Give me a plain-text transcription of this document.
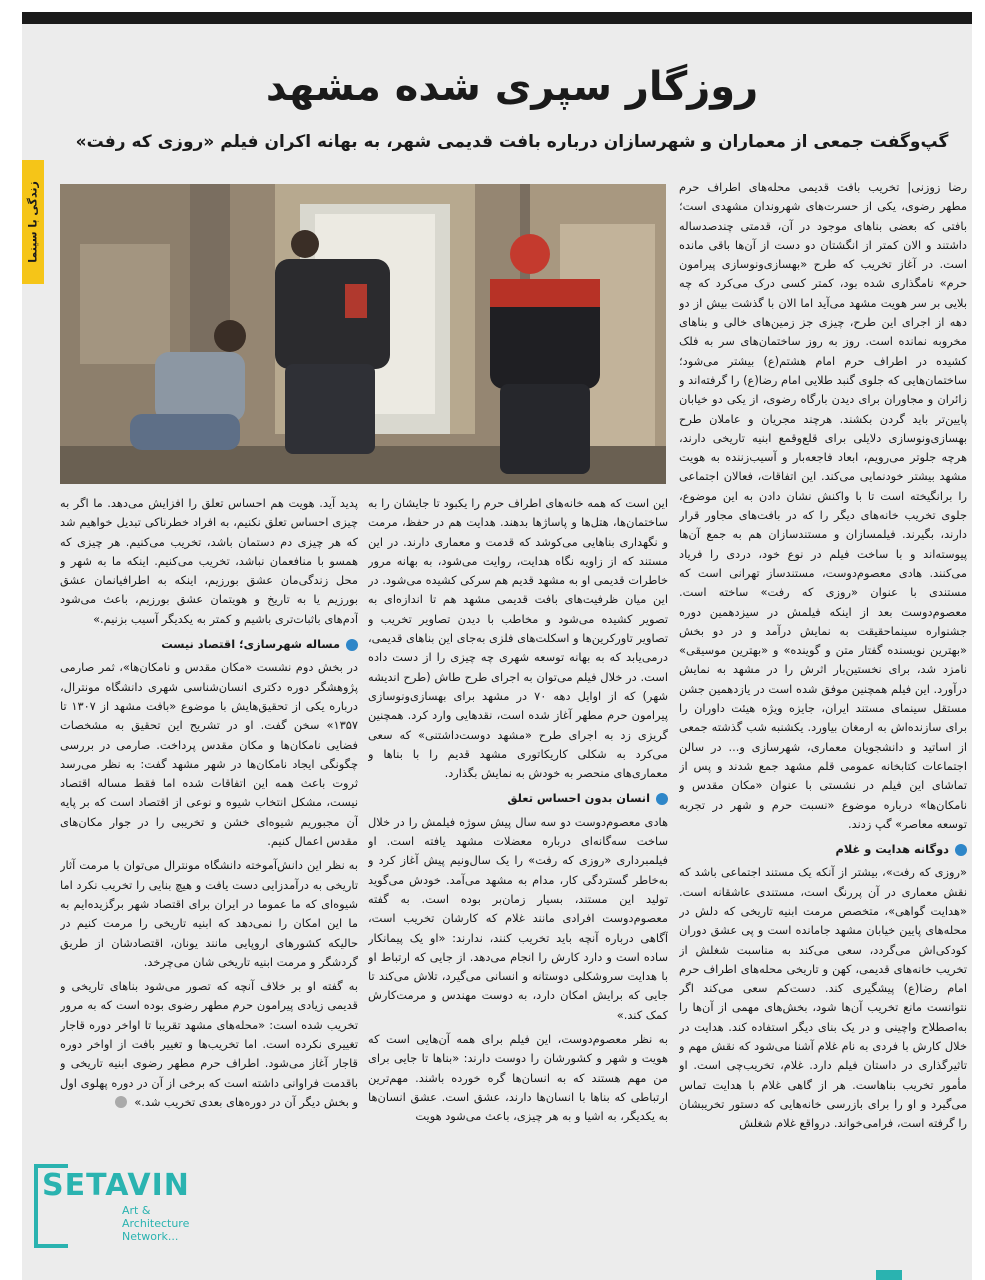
زندگی با سینما
روزگار سپری شده مشهد
گپ‌وگفت جمعی از معماران و شهرسازان درباره بافت قدیمی شهر، به بهانه اکران فیلم «روزی که رفت»

رضا زوزنی| تخریب بافت قدیمی محله‌های اطراف حرم مطهر رضوی، یکی از حسرت‌های شهروندان مشهدی است؛ بافتی که بعضی بناهای موجود در آن، قدمتی چندصدساله داشتند و الان کمتر از انگشتان دو دست از آن‌ها باقی مانده است. در آغاز تخریب که طرح «بهسازی‌ونوسازی پیرامون حرم» نامگذاری شده بود، کمتر کسی درک می‌کرد که چه بلایی بر سر هویت مشهد می‌آید اما الان با گذشت بیش از دو دهه از اجرای این طرح، چیزی جز زمین‌های خالی و بناهای مخروبه نمانده است. روز به روز ساختمان‌های سر به فلک کشیده در اطراف حرم امام هشتم(ع) بیشتر می‌شود؛ ساختمان‌هایی که جلوی گنبد طلایی امام رضا(ع) را گرفته‌اند و زائران و مجاوران برای دیدن بارگاه رضوی، از یکی دو خیابان پایین‌تر باید گردن بکشند. هرچند مجریان و عاملان طرح بهسازی‌ونوسازی دلایلی برای قلع‌وقمع ابنیه تاریخی دارند، هرچه جلوتر می‌رویم، ابعاد فاجعه‌بار و آسیب‌زننده به هویت مشهد بیشتر خودنمایی می‌کند. این اتفاقات، فعالان اجتماعی را برانگیخته است تا با واکنش نشان دادن به این موضوع، جلوی تخریب خانه‌های دیگر را که در بافت‌های مجاور قرار دارند، بگیرند. فیلمسازان و مستندسازان هم به جمع آن‌ها پیوسته‌اند و با ساخت فیلم در نوع خود، دردی را فریاد می‌کنند. هادی معصوم‌دوست، مستندساز تهرانی است که مستندی با عنوان «روزی که رفت» ساخته است. معصوم‌دوست بعد از اینکه فیلمش در سیزدهمین دوره جشنواره سینماحقیقت به نمایش درآمد و در دو بخش «بهترین نویسنده گفتار متن و گوینده» و «بهترین موسیقی» نامزد شد، برای نخستین‌بار اثرش را در مشهد به نمایش درآورد. این فیلم همچنین موفق شده است در یازدهمین جشن مستقل سینمای مستند ایران، جایزه ویژه هیئت داوران را برای سازنده‌اش به ارمغان بیاورد. یکشنبه شب گذشته جمعی از اساتید و دانشجویان معماری، شهرسازی و... در سالن اجتماعات کتابخانه عمومی قلم مشهد جمع شدند و پس از تماشای این فیلم در نشستی با عنوان «مکان مقدس و نامکان‌ها» درباره موضوع «نسبت حرم و شهر در تجربه توسعه معاصر» گپ زدند.

دوگانه هدایت و غلام

«روزی که رفت»، بیشتر از آنکه یک مستند اجتماعی باشد که نقش معماری در آن پررنگ است، مستندی عاشقانه است. «هدایت گواهی»، متخصص مرمت ابنیه تاریخی که دلش در محله‌های پایین خیابان مشهد جامانده است و پی عشق دوران کودکی‌اش می‌گردد، سعی می‌کند به مناسبت شغلش از تخریب خانه‌های قدیمی، کهن و تاریخی محله‌های اطراف حرم امام رضا(ع) پیشگیری کند. دست‌کم سعی می‌کند اگر نتوانست مانع تخریب آن‌ها شود، بخش‌های مهمی از آن‌ها را به‌اصطلاح واچینی و در یک بنای دیگر استفاده کند. هدایت در خلال کارش با فردی به نام غلام آشنا می‌شود که نقش مهم و تاثیرگذاری در داستان فیلم دارد. غلام، تخریب‌چی است. او مأمور تخریب بناهاست. هر از گاهی غلام با هدایت تماس می‌گیرد و او را برای بازرسی خانه‌هایی که دستور تخریبشان را گرفته است، فرامی‌خواند. درواقع غلام شغلش

این است که همه خانه‌های اطراف حرم را یکبود تا جایشان را به ساختمان‌ها، هتل‌ها و پاساژها بدهند. هدایت هم در حفظ، مرمت و نگهداری بناهایی می‌کوشد که قدمت و معماری دارند. در این مستند که از زاویه نگاه هدایت، روایت می‌شود، به بهانه مرور خاطرات قدیمی او به مشهد قدیم هم سرکی کشیده می‌شود. در این میان ظرفیت‌های بافت قدیمی مشهد هم تا اندازه‌ای به تصویر کشیده می‌شود و مخاطب با دیدن تصاویر تخریب و تصاویر تاورکرین‌ها و اسکلت‌های فلزی به‌جای این بناهای قدیمی، درمی‌یابد که به بهانه توسعه شهری چه چیزی را از دست داده است. در خلال فیلم می‌توان به اجرای طرح طاش (طرح اندیشه شهر) که از اوایل دهه ۷۰ در مشهد برای بهسازی‌ونوسازی پیرامون حرم مطهر آغاز شده است، نقدهایی وارد کرد. همچنین گریزی زد به اجرای طرح «مشهد دوست‌داشتنی» که سعی می‌کرد به شکلی کاریکاتوری مشهد قدیم را با بناها و معماری‌های منحصر به خودش به نمایش بگذارد.

انسان بدون احساس تعلق

هادی معصوم‌دوست دو سه سال پیش سوژه فیلمش را در خلال ساخت سه‌گانه‌ای درباره معضلات مشهد یافته است. او فیلمبرداری «روزی که رفت» را یک سال‌ونیم پیش آغاز کرد و به‌خاطر گستردگی کار، مدام به مشهد می‌آمد. خودش می‌گوید تولید این مستند، بسیار زمان‌بر بوده است. به گفته معصوم‌دوست افرادی مانند غلام که کارشان تخریب است، آگاهی درباره آنچه باید تخریب کنند، ندارند: «او یک پیمانکار ساده است و دارد کارش را انجام می‌دهد. از جایی که ارتباط او با هدایت سروشکلی دوستانه و انسانی می‌گیرد، تلاش می‌کند تا جایی که برایش امکان دارد، به دوست مهندس و مرمت‌کارش کمک کند.»

به نظر معصوم‌دوست، این فیلم برای همه آن‌هایی است که هویت و شهر و کشورشان را دوست دارند: «بناها تا جایی برای من مهم هستند که به انسان‌ها گره خورده باشند. مهم‌ترین ارتباطی که بناها با انسان‌ها دارند، عشق است. عشق انسان‌ها به یکدیگر، به اشیا و به هر چیزی، باعث می‌شود هویت

پدید آید. هویت هم احساس تعلق را افزایش می‌دهد. ما اگر به چیزی احساس تعلق نکنیم، به افراد خطرناکی تبدیل خواهیم شد که هر چیزی دم دستمان باشد، تخریب می‌کنیم. هر چیزی که همسو با منافعمان نباشد، تخریب می‌کنیم. اینکه ما به شهر و محل زندگی‌مان عشق بورزیم، اینکه به اطرافیانمان عشق بورزیم یا به تاریخ و هویتمان عشق بورزیم، باعث می‌شود آدم‌های باثبات‌تری باشیم و کمتر به یکدیگر آسیب بزنیم.»

مساله شهرسازی؛ اقتصاد نیست

در بخش دوم نشست «مکان مقدس و نامکان‌ها»، ثمر صارمی پژوهشگر دوره دکتری انسان‌شناسی شهری دانشگاه مونترال، درباره یکی از تحقیق‌هایش با موضوع «بافت مشهد از ۱۳۰۷ تا ۱۳۵۷» سخن گفت. او در تشریح این تحقیق به مشخصات فضایی نامکان‌ها و مکان مقدس پرداخت. صارمی در بررسی چگونگی ایجاد نامکان‌ها در شهر مشهد گفت: به نظر می‌رسد ثروت باعث همه این اتفاقات شده اما فقط مساله اقتصاد نیست، مشکل انتخاب شیوه و نوعی از اقتصاد است که بر پایه آن مجبوریم شیوه‌ای خشن و تخریبی را در جوار مکان‌های مقدس اعمال کنیم.

به نظر این دانش‌آموخته دانشگاه مونترال می‌توان با مرمت آثار تاریخی به درآمدزایی دست یافت و هیچ بنایی را تخریب نکرد اما شیوه‌ای که ما عموما در ایران برای اقتصاد شهر برگزیده‌ایم به ما این امکان را نمی‌دهد که ابنیه تاریخی را مرمت کنیم در حالیکه کشورهای اروپایی مانند یونان، اقتصادشان از طریق گردشگر و مرمت ابنیه تاریخی شان می‌چرخد.

به گفته او بر خلاف آنچه که تصور می‌شود بناهای تاریخی و قدیمی زیادی پیرامون حرم مطهر رضوی بوده است که به مرور تخریب شده است: «محله‌های مشهد تقریبا تا اواخر دوره قاجار تغییری نکرده است. اما تخریب‌ها و تغییر بافت از اواخر دوره قاجار آغاز می‌شود. اطراف حرم مطهر رضوی ابنیه تاریخی و باقدمت فراوانی داشته است که برخی از آن در دوره پهلوی اول و بخش دیگر آن در دوره‌های بعدی تخریب شد.»

SETAVIN
Art &
Architecture
Network...
